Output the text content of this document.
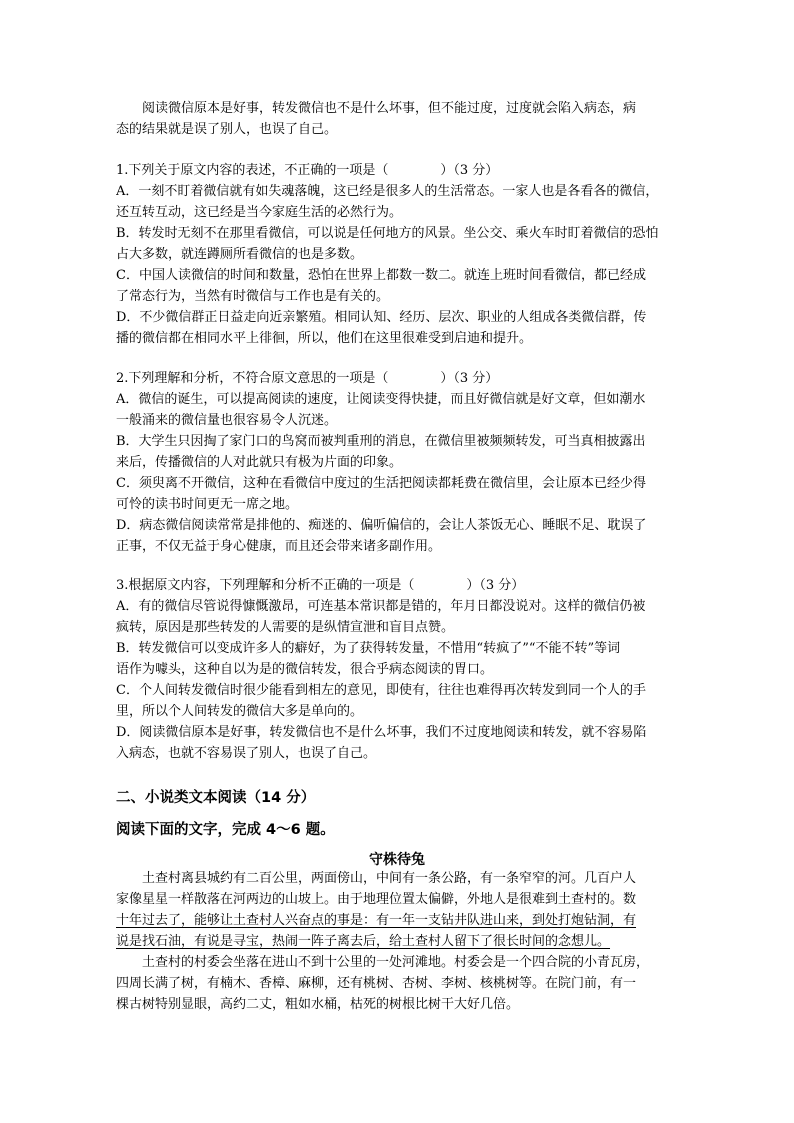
阅读微信原本是好事，转发微信也不是什么坏事，但不能过度，过度就会陷入病态，病
态的结果就是误了别人，也误了自己。
1.下列关于原文内容的表述，不正确的一项是（　　　　）（3 分）
A．一刻不盯着微信就有如失魂落魄，这已经是很多人的生活常态。一家人也是各看各的微信，
还互转互动，这已经是当今家庭生活的必然行为。
B．转发时无刻不在那里看微信，可以说是任何地方的风景。坐公交、乘火车时盯着微信的恐怕
占大多数，就连蹲厕所看微信的也是多数。
C．中国人读微信的时间和数量，恐怕在世界上都数一数二。就连上班时间看微信，都已经成
了常态行为，当然有时微信与工作也是有关的。
D．不少微信群正日益走向近亲繁殖。相同认知、经历、层次、职业的人组成各类微信群，传
播的微信都在相同水平上徘徊，所以，他们在这里很难受到启迪和提升。
2.下列理解和分析，不符合原文意思的一项是（　　　　）（3 分）
A．微信的诞生，可以提高阅读的速度，让阅读变得快捷，而且好微信就是好文章，但如潮水
一般涌来的微信量也很容易令人沉迷。
B．大学生只因掏了家门口的鸟窝而被判重刑的消息，在微信里被频频转发，可当真相披露出
来后，传播微信的人对此就只有极为片面的印象。
C．须臾离不开微信，这种在看微信中度过的生活把阅读都耗费在微信里，会让原本已经少得
可怜的读书时间更无一席之地。
D．病态微信阅读常常是排他的、痴迷的、偏听偏信的，会让人茶饭无心、睡眠不足、耽误了
正事，不仅无益于身心健康，而且还会带来诸多副作用。
3.根据原文内容，下列理解和分析不正确的一项是（　　　　）（3 分）
A．有的微信尽管说得慷慨激昂，可连基本常识都是错的，年月日都没说对。这样的微信仍被
疯转，原因是那些转发的人需要的是纵情宣泄和盲目点赞。
B．转发微信可以变成许多人的癖好，为了获得转发量，不惜用“转疯了”“不能不转”等词
语作为噱头，这种自以为是的微信转发，很合乎病态阅读的胃口。
C．个人间转发微信时很少能看到相左的意见，即使有，往往也难得再次转发到同一个人的手
里，所以个人间转发的微信大多是单向的。
D．阅读微信原本是好事，转发微信也不是什么坏事，我们不过度地阅读和转发，就不容易陷
入病态，也就不容易误了别人，也误了自己。
二、小说类文本阅读（14 分）
阅读下面的文字，完成 4～6 题。
守株待兔
土查村离县城约有二百公里，两面傍山，中间有一条公路，有一条窄窄的河。几百户人
家像星星一样散落在河两边的山坡上。由于地理位置太偏僻，外地人是很难到土查村的。数
十年过去了，能够让土查村人兴奋点的事是：有一年一支钻井队进山来，到处打炮钻洞，有
说是找石油，有说是寻宝，热闹一阵子离去后，给土查村人留下了很长时间的念想儿。
土查村的村委会坐落在进山不到十公里的一处河滩地。村委会是一个四合院的小青瓦房，
四周长满了树，有楠木、香樟、麻柳，还有桃树、杏树、李树、核桃树等。在院门前，有一
棵古树特别显眼，高约二丈，粗如水桶，枯死的树根比树干大好几倍。
